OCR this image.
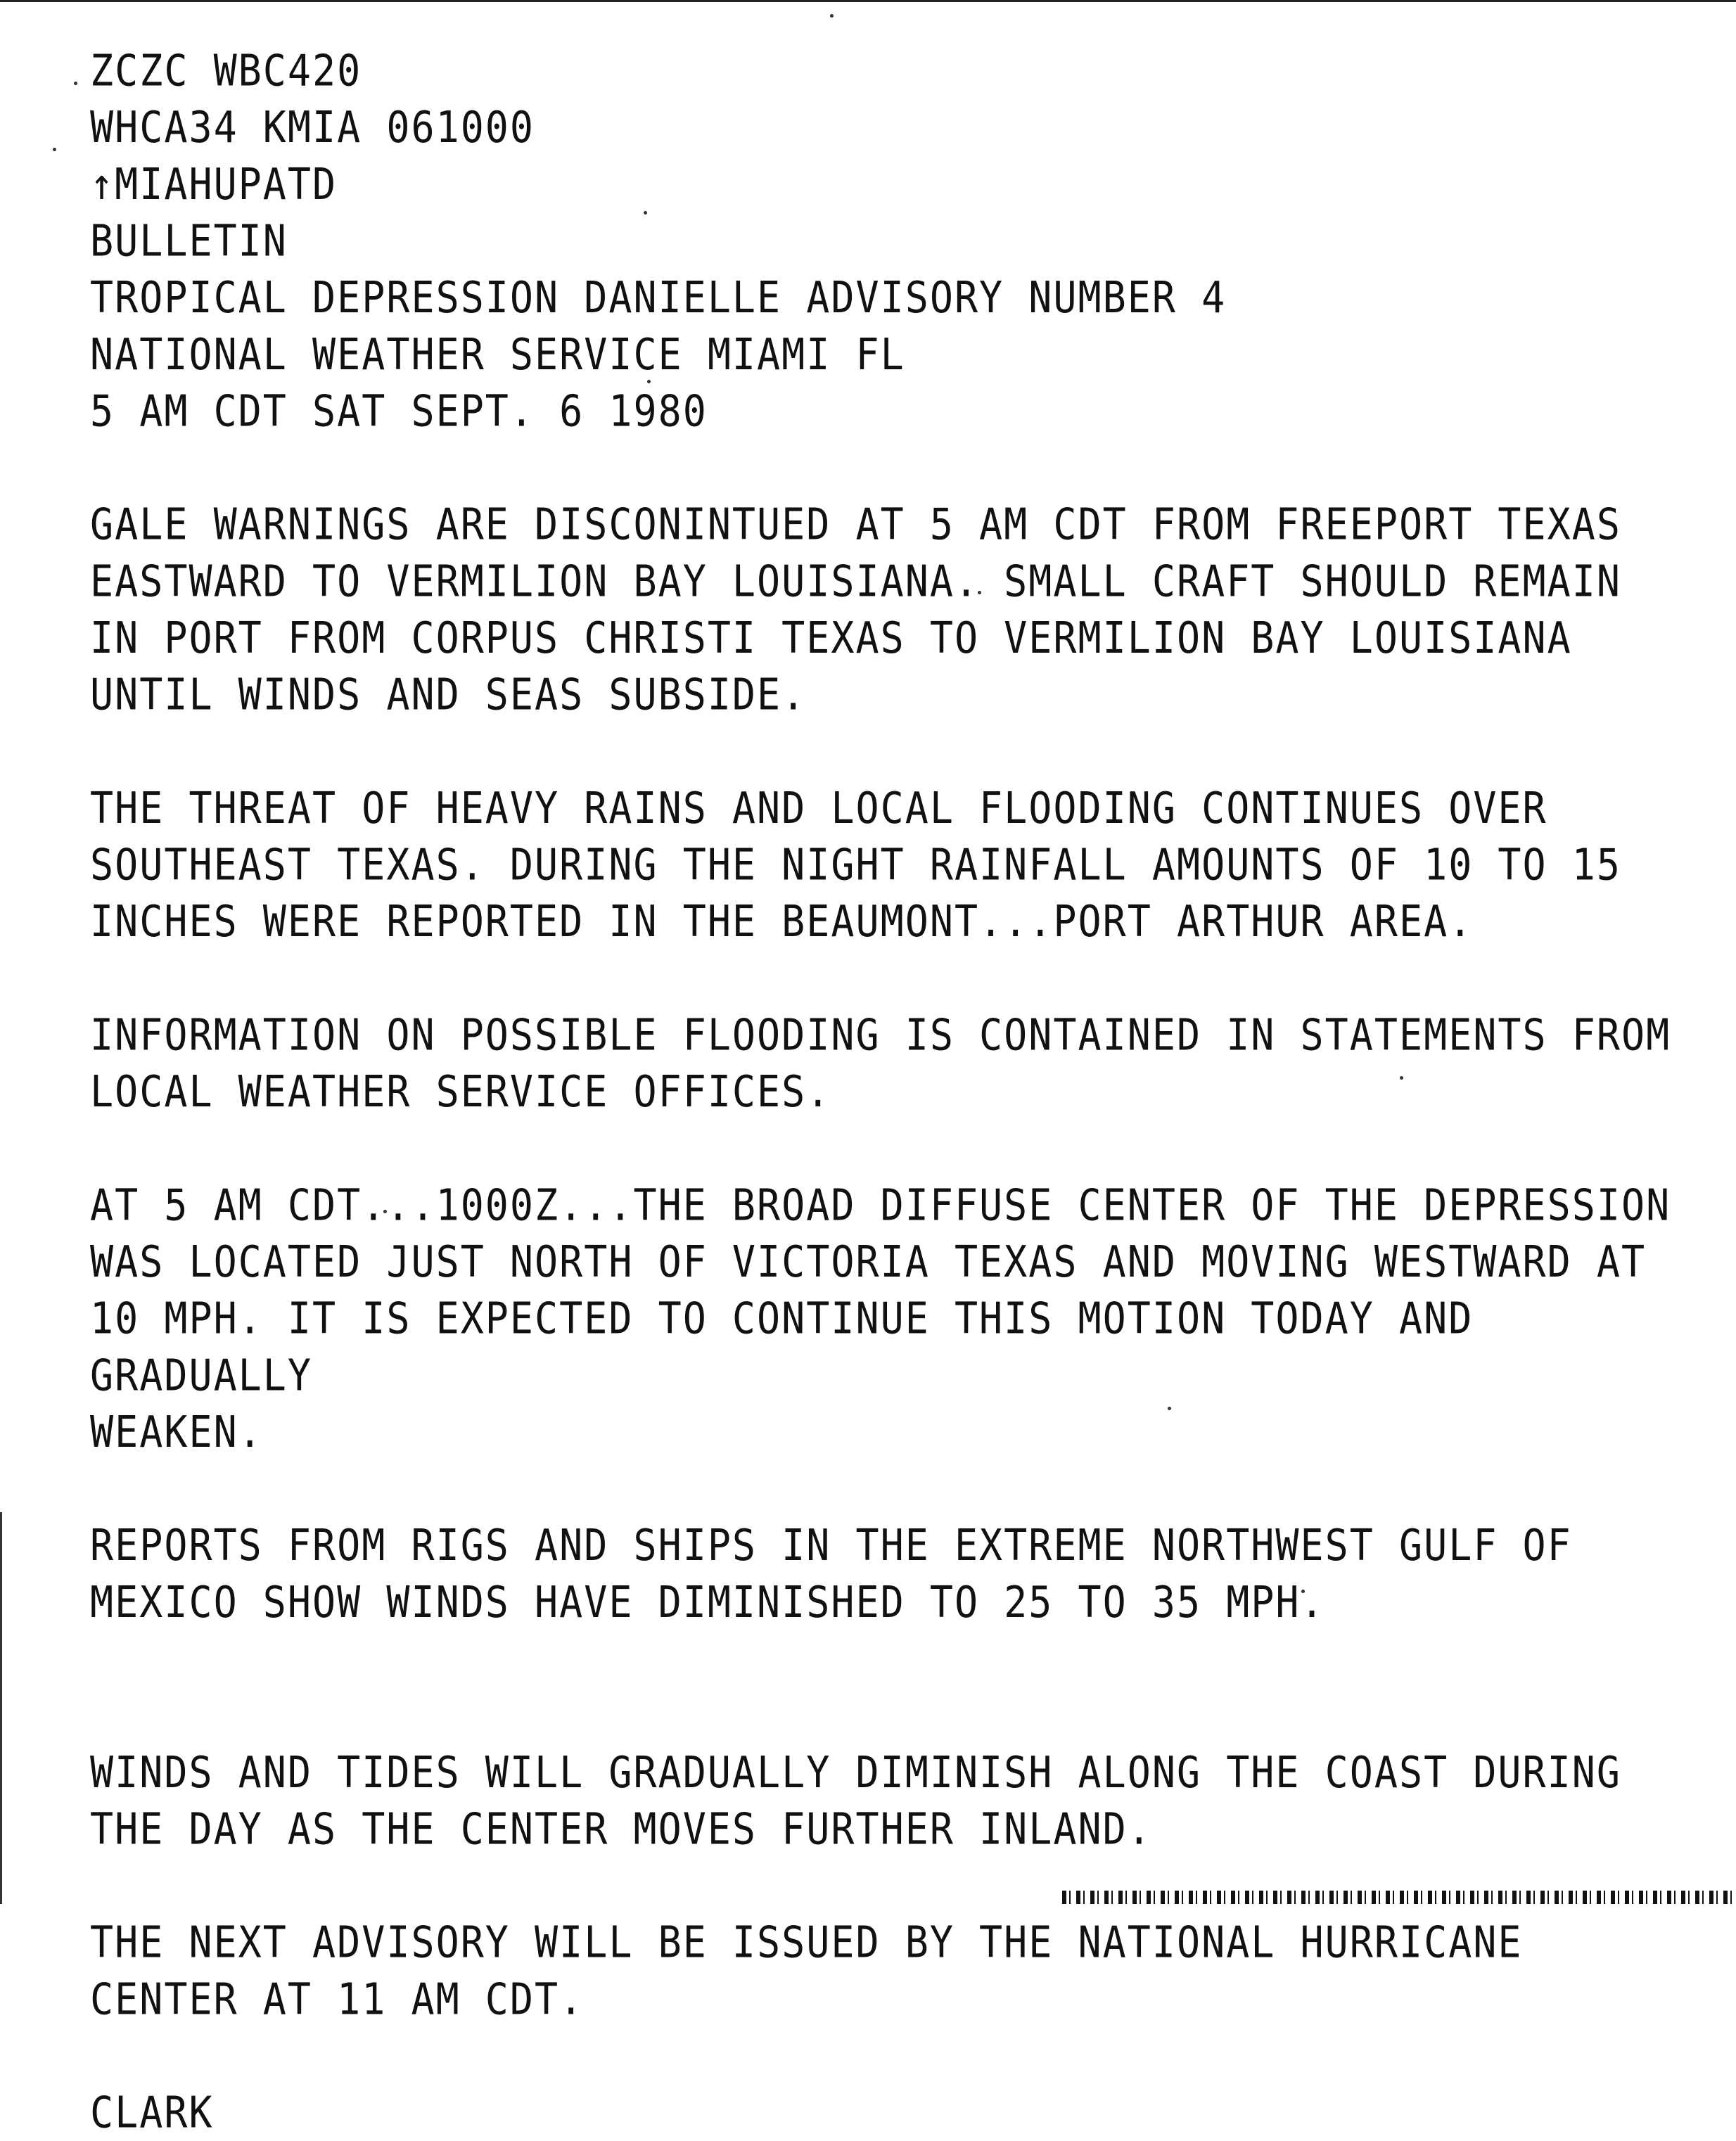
ZCZC WBC420
WHCA34 KMIA 061000
↑MIAHUPATD
BULLETIN
TROPICAL DEPRESSION DANIELLE ADVISORY NUMBER 4
NATIONAL WEATHER SERVICE MIAMI FL
5 AM CDT SAT SEPT. 6 1980
GALE WARNINGS ARE DISCONINTUED AT 5 AM CDT FROM FREEPORT TEXAS
EASTWARD TO VERMILION BAY LOUISIANA. SMALL CRAFT SHOULD REMAIN
IN PORT FROM CORPUS CHRISTI TEXAS TO VERMILION BAY LOUISIANA
UNTIL WINDS AND SEAS SUBSIDE.
THE THREAT OF HEAVY RAINS AND LOCAL FLOODING CONTINUES OVER
SOUTHEAST TEXAS. DURING THE NIGHT RAINFALL AMOUNTS OF 10 TO 15
INCHES WERE REPORTED IN THE BEAUMONT...PORT ARTHUR AREA.
INFORMATION ON POSSIBLE FLOODING IS CONTAINED IN STATEMENTS FROM
LOCAL WEATHER SERVICE OFFICES.
AT 5 AM CDT...1000Z...THE BROAD DIFFUSE CENTER OF THE DEPRESSION
WAS LOCATED JUST NORTH OF VICTORIA TEXAS AND MOVING WESTWARD AT
10 MPH. IT IS EXPECTED TO CONTINUE THIS MOTION TODAY AND
GRADUALLY
WEAKEN.
REPORTS FROM RIGS AND SHIPS IN THE EXTREME NORTHWEST GULF OF
MEXICO SHOW WINDS HAVE DIMINISHED TO 25 TO 35 MPH.
WINDS AND TIDES WILL GRADUALLY DIMINISH ALONG THE COAST DURING
THE DAY AS THE CENTER MOVES FURTHER INLAND.
THE NEXT ADVISORY WILL BE ISSUED BY THE NATIONAL HURRICANE
CENTER AT 11 AM CDT.
CLARK
